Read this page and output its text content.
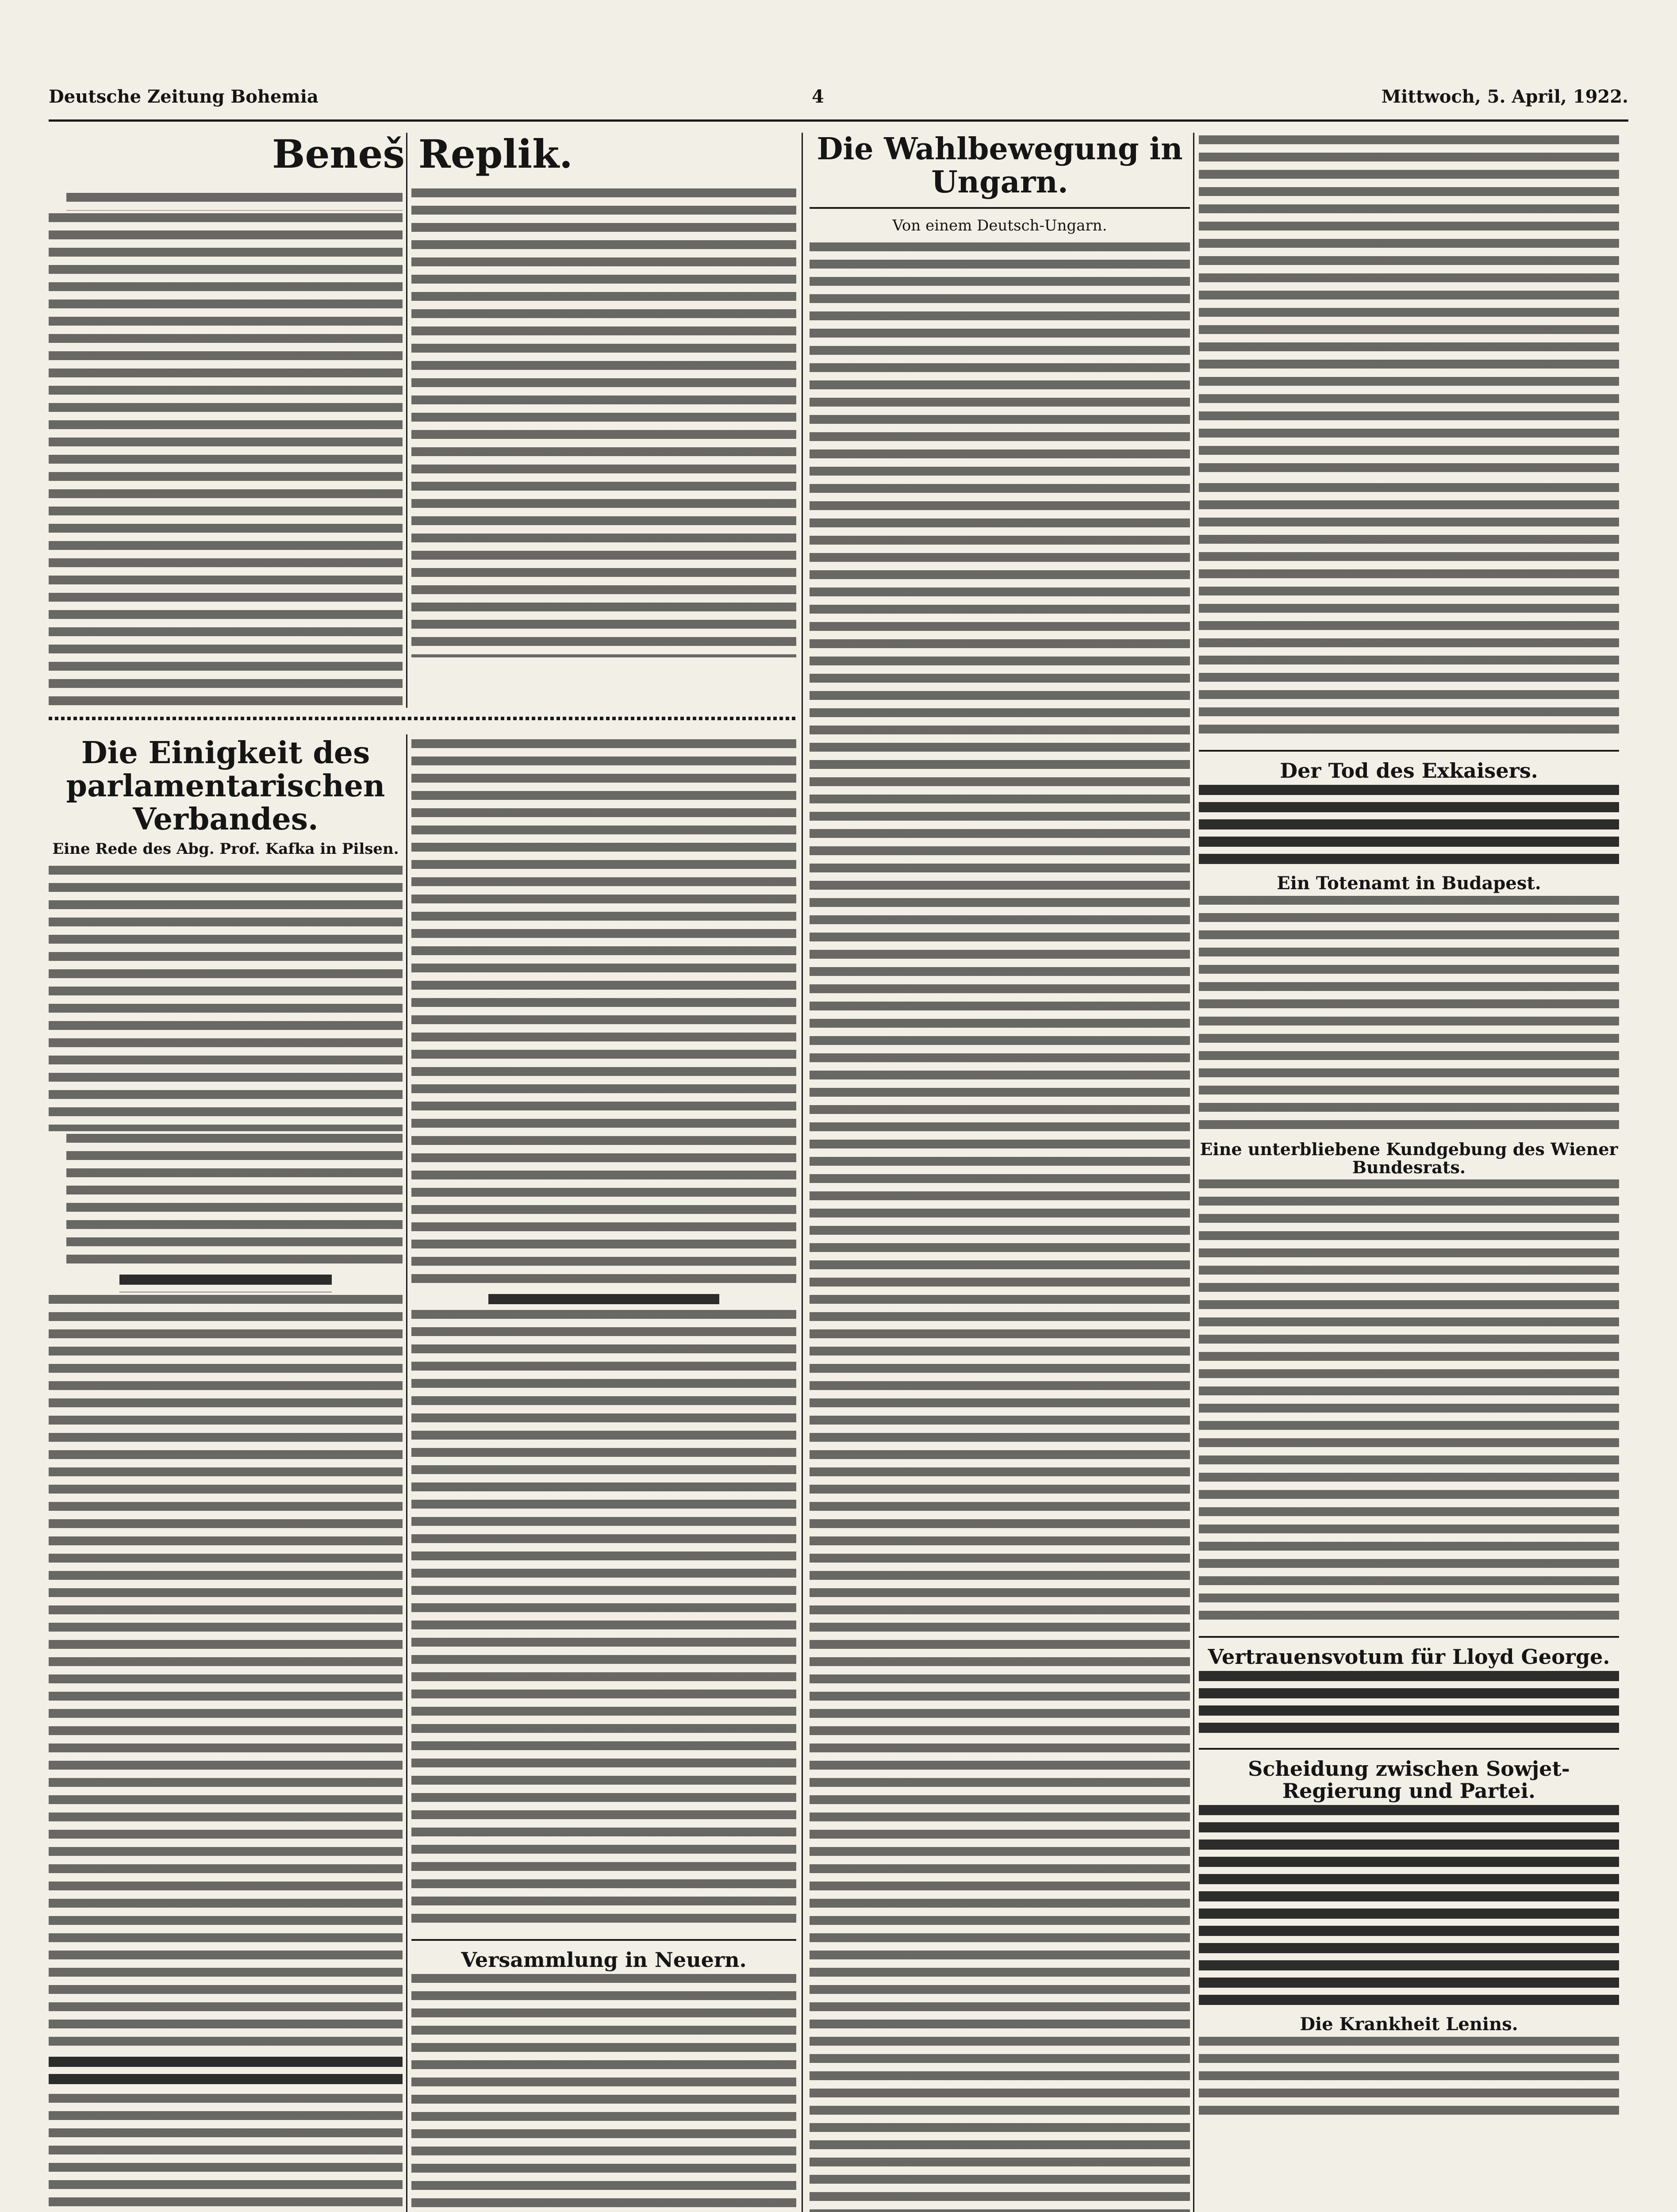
Deutsche Zeitung Bohemia	4	Mittwoch, 5. April, 1922.
Beneš Replik.
Die Einigkeit des parlamentarischen Verbandes.
Eine Rede des Abg. Prof. Kafka in Pilsen.
Versammlung in Neuern.
Die Wahlbewegung in Ungarn.
Von einem Deutsch-Ungarn.
Der Tod des Exkaisers.
Ein Totenamt in Budapest.
Eine unterbliebene Kundgebung des Wiener Bundesrats.
Vertrauensvotum für Lloyd George.
Scheidung zwischen Sowjet-Regierung und Partei.
Die Krankheit Lenins.
